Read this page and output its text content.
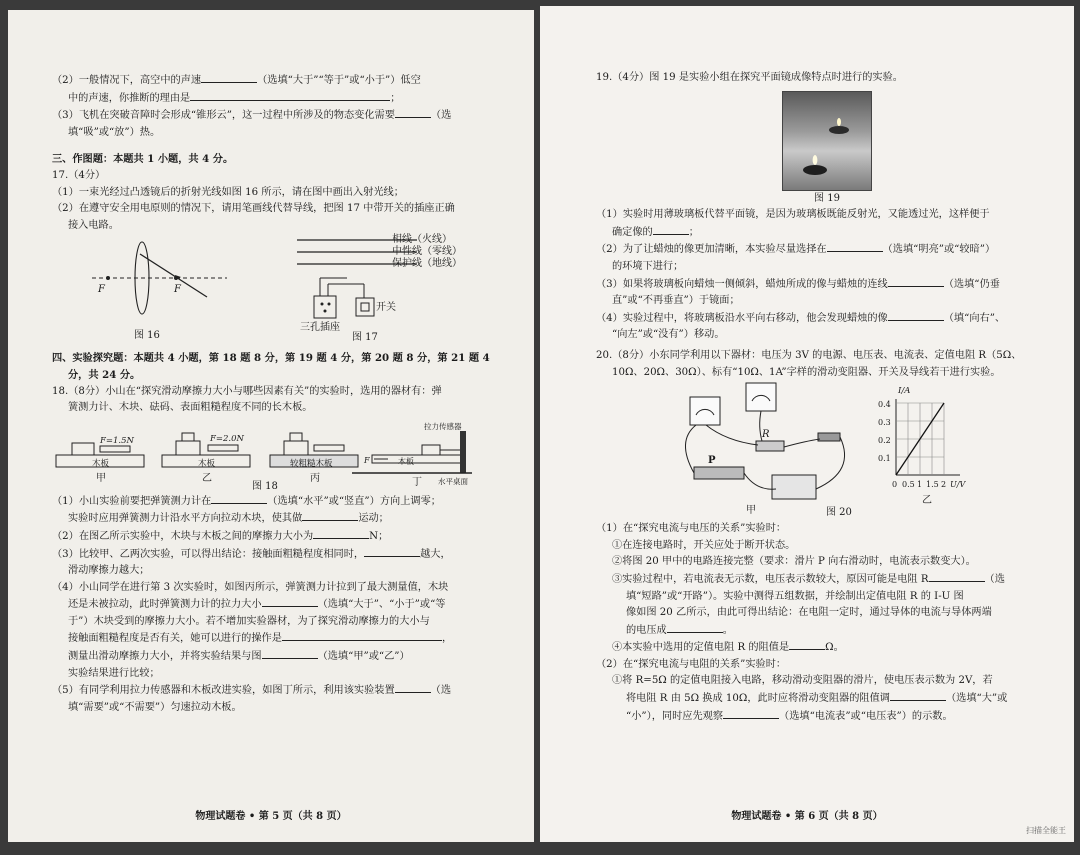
（2）一般情况下，高空中的声速	（选填“大于”“等于”或“小于”）低空

中的声速，你推断的理由是	；

（3）飞机在突破音障时会形成“锥形云”，这一过程中所涉及的物态变化需要	（选

填“吸”或“放”）热。

三、作图题：本题共 1 小题，共 4 分。

17.（4分）

（1）一束光经过凸透镜后的折射光线如图 16 所示，请在图中画出入射光线；

（2）在遵守安全用电原则的情况下，请用笔画线代替导线，把图 17 中带开关的插座正确

接入电路。

F	F
图 16
相线（火线）
中性线（零线）
保护线（地线）
开关
三孔插座
图 17

四、实验探究题：本题共 4 小题，第 18 题 8 分，第 19 题 4 分，第 20 题 8 分，第 21 题 4

分，共 24 分。

18.（8分）小山在“探究滑动摩擦力大小与哪些因素有关”的实验时，选用的器材有：弹

簧测力计、木块、砝码、表面粗糙程度不同的长木板。

F=1.5N	F=2.0N
木板	木板	较粗糙木板	木板
拉力传感器
水平桌面
F
甲	乙	丙	丁
图 18

（1）小山实验前要把弹簧测力计在	（选填“水平”或“竖直”）方向上调零；

实验时应用弹簧测力计沿水平方向拉动木块，使其做	运动；

（2）在图乙所示实验中，木块与木板之间的摩擦力大小为	N；

（3）比较甲、乙两次实验，可以得出结论：接触面粗糙程度相同时，	越大，

滑动摩擦力越大；

（4）小山同学在进行第 3 次实验时，如图丙所示，弹簧测力计拉到了最大测量值，木块

还是未被拉动，此时弹簧测力计的拉力大小	（选填“大于”、“小于”或“等

于”）木块受到的摩擦力大小。若不增加实验器材，为了探究滑动摩擦力的大小与

接触面粗糙程度是否有关，她可以进行的操作是	，

测量出滑动摩擦力大小，并将实验结果与图	（选填“甲”或“乙”）

实验结果进行比较；

（5）有同学利用拉力传感器和木板改进实验，如图丁所示，利用该实验装置	（选

填“需要”或“不需要”）匀速拉动木板。

物理试题卷 • 第 5 页（共 8 页）

19.（4分）图 19 是实验小组在探究平面镜成像特点时进行的实验。

图 19

（1）实验时用薄玻璃板代替平面镜，是因为玻璃板既能反射光，又能透过光，这样便于

确定像的	；

（2）为了让蜡烛的像更加清晰，本实验尽量选择在	（选填“明亮”或“较暗”）

的环境下进行；

（3）如果将玻璃板向蜡烛一侧倾斜，蜡烛所成的像与蜡烛的连线	（选填“仍垂

直”或“不再垂直”）于镜面；

（4）实验过程中，将玻璃板沿水平向右移动，他会发现蜡烛的像	（填“向右”、

“向左”或“没有”）移动。

20.（8分）小东同学利用以下器材：电压为 3V 的电源、电压表、电流表、定值电阻 R（5Ω、

10Ω、20Ω、30Ω）、标有“10Ω、1A”字样的滑动变阻器、开关及导线若干进行实验。

R
P
I/A
0.4
0.3
0.2
0.1
0 0.5 1 1.5 2 U/V
甲
乙
图 20

（1）在“探究电流与电压的关系”实验时：

①在连接电路时，开关应处于断开状态。

②将图 20 甲中的电路连接完整（要求：滑片 P 向右滑动时，电流表示数变大）。

③实验过程中，若电流表无示数，电压表示数较大，原因可能是电阻 R	（选

填“短路”或“开路”）。实验中测得五组数据，并绘制出定值电阻 R 的 I-U 图

像如图 20 乙所示，由此可得出结论：在电阻一定时，通过导体的电流与导体两端

的电压成	。

④本实验中选用的定值电阻 R 的阻值是	Ω。

（2）在“探究电流与电阻的关系”实验时：

①将 R=5Ω 的定值电阻接入电路，移动滑动变阻器的滑片，使电压表示数为 2V，若

将电阻 R 由 5Ω 换成 10Ω，此时应将滑动变阻器的阻值调	（选填“大”或

“小”），同时应先观察	（选填“电流表”或“电压表”）的示数。

物理试题卷 • 第 6 页（共 8 页）
扫描全能王
